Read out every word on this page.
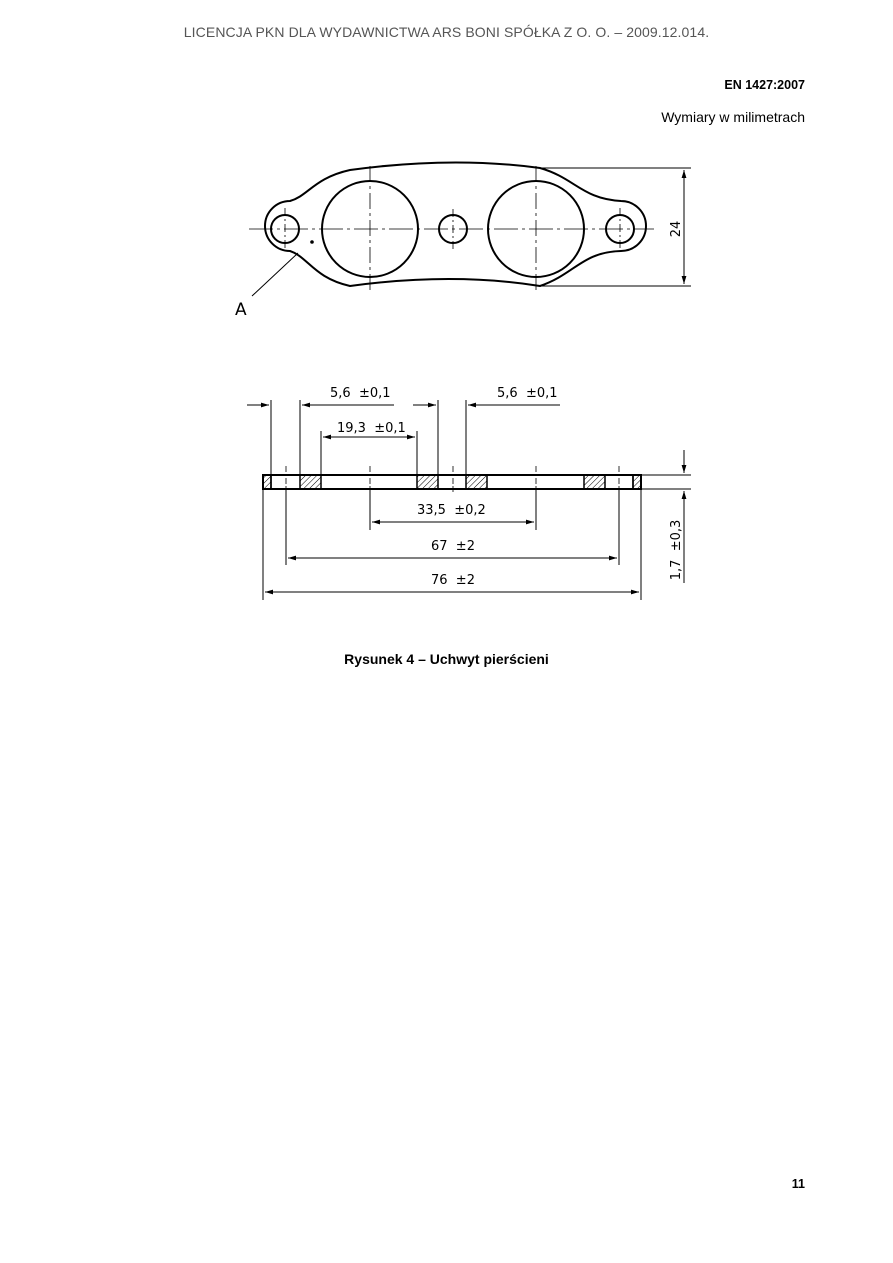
LICENCJA PKN DLA WYDAWNICTWA ARS BONI SPÓŁKA Z O. O. – 2009.12.014.
EN 1427:2007
Wymiary w milimetrach
A
24
5,6  ±0,1	5,6  ±0,1
19,3  ±0,1
33,5  ±0,2
67  ±2
76  ±2
1,7  ±0,3
Rysunek 4 – Uchwyt pierścieni
11
